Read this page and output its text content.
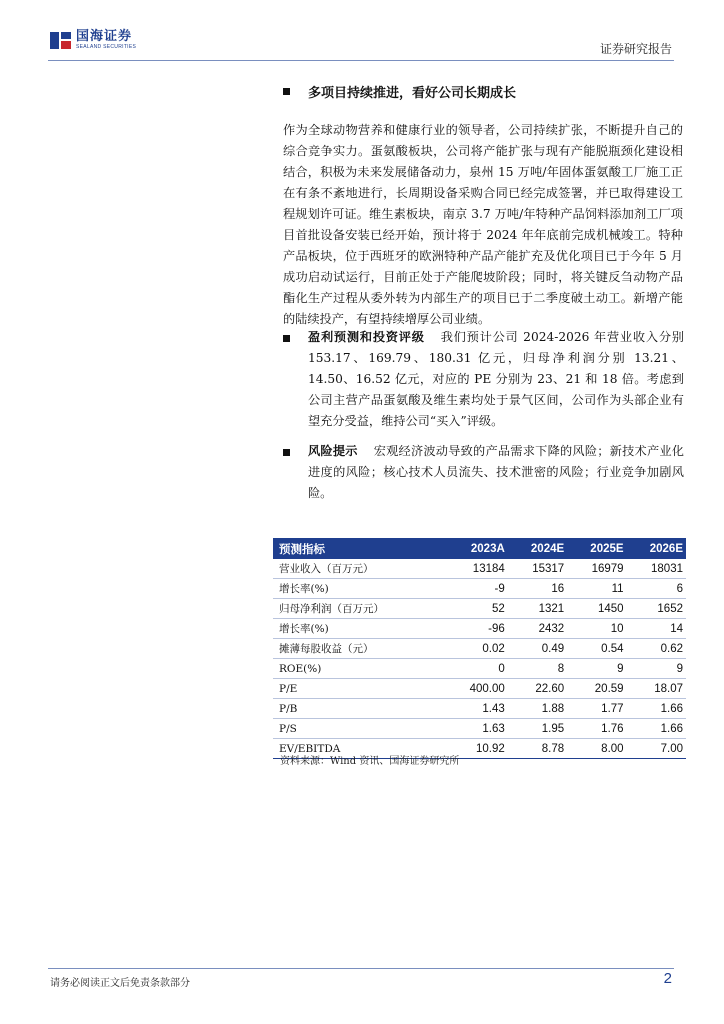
国海证券
SEALAND SECURITIES	证券研究报告
多项目持续推进，看好公司长期成长
作为全球动物营养和健康行业的领导者，公司持续扩张，不断提升自己的综合竞争实力。蛋氨酸板块，公司将产能扩张与现有产能脱瓶颈化建设相结合，积极为未来发展储备动力，泉州 15 万吨/年固体蛋氨酸工厂施工正在有条不紊地进行，长周期设备采购合同已经完成签署，并已取得建设工程规划许可证。维生素板块，南京 3.7 万吨/年特种产品饲料添加剂工厂项目首批设备安装已经开始，预计将于 2024 年年底前完成机械竣工。特种产品板块，位于西班牙的欧洲特种产品产能扩充及优化项目已于今年 5 月成功启动试运行，目前正处于产能爬坡阶段；同时，将关键反刍动物产品酯化生产过程从委外转为内部生产的项目已于二季度破土动工。新增产能的陆续投产，有望持续增厚公司业绩。
盈利预测和投资评级 我们预计公司 2024-2026 年营业收入分别 153.17、169.79、180.31 亿元，归母净利润分别 13.21、14.50、16.52 亿元，对应的 PE 分别为 23、21 和 18 倍。考虑到公司主营产品蛋氨酸及维生素均处于景气区间，公司作为头部企业有望充分受益，维持公司“买入”评级。
风险提示 宏观经济波动导致的产品需求下降的风险；新技术产业化进度的风险；核心技术人员流失、技术泄密的风险；行业竞争加剧风险。
预测指标	2023A	2024E	2025E	2026E
营业收入（百万元）	13184	15317	16979	18031
增长率(%)	-9	16	11	6
归母净利润（百万元）	52	1321	1450	1652
增长率(%)	-96	2432	10	14
摊薄每股收益（元）	0.02	0.49	0.54	0.62
ROE(%)	0	8	9	9
P/E	400.00	22.60	20.59	18.07
P/B	1.43	1.88	1.77	1.66
P/S	1.63	1.95	1.76	1.66
EV/EBITDA	10.92	8.78	8.00	7.00
资料来源：Wind 资讯、国海证券研究所
请务必阅读正文后免责条款部分	2
